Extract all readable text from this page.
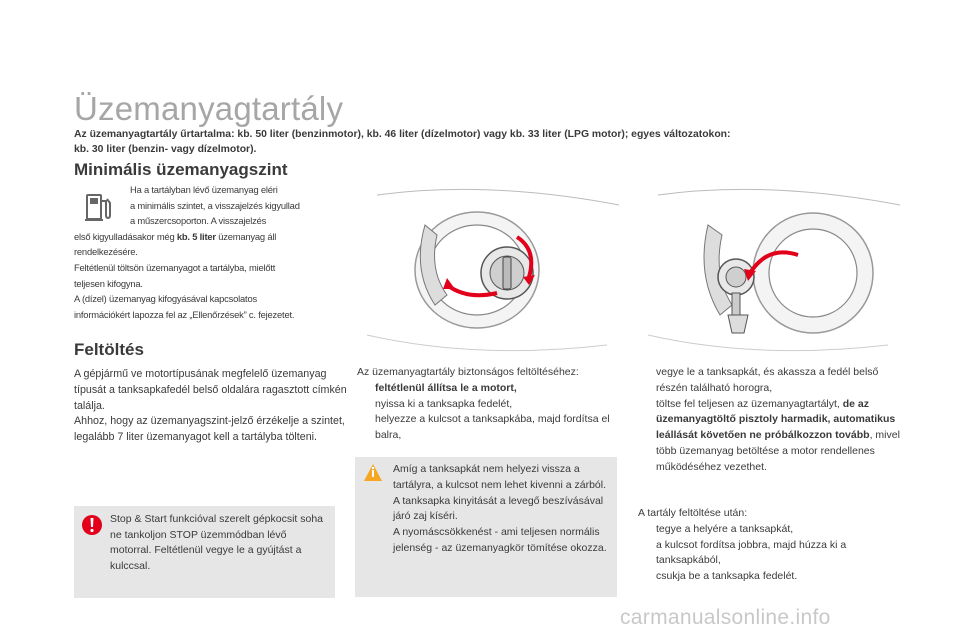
Üzemanyagtartály
Az üzemanyagtartály űrtartalma: kb. 50 liter (benzinmotor), kb. 46 liter (dízelmotor) vagy kb. 33 liter (LPG motor); egyes változatokon:
kb. 30 liter (benzin- vagy dízelmotor).
Minimális üzemanyagszint
Ha a tartályban lévő üzemanyag eléri
a minimális szintet, a visszajelzés kigyullad
a műszercsoporton. A visszajelzés
első kigyulladásakor még kb. 5 liter üzemanyag áll
rendelkezésére.
Feltétlenül töltsön üzemanyagot a tartályba, mielőtt
teljesen kifogyna.
A (dízel) üzemanyag kifogyásával kapcsolatos
információkért lapozza fel az „Ellenőrzések” c. fejezetet.
Feltöltés
A gépjármű ve motortípusának megfelelő üzemanyag típusát a tanksapkafedél belső oldalára ragasztott címkén találja.
Ahhoz, hogy az üzemanyagszint-jelző érzékelje a szintet, legalább 7 liter üzemanyagot kell a tartályba tölteni.
Stop & Start funkcióval szerelt gépkocsit soha ne tankoljon STOP üzemmódban lévő motorral. Feltétlenül vegye le a gyújtást a kulccsal.
Az üzemanyagtartály biztonságos feltöltéséhez:
feltétlenül állítsa le a motort,
nyissa ki a tanksapka fedelét,
helyezze a kulcsot a tanksapkába, majd fordítsa el balra,
Amíg a tanksapkát nem helyezi vissza a tartályra, a kulcsot nem lehet kivenni a zárból.
A tanksapka kinyitását a levegő beszívásával járó zaj kíséri.
A nyomáscsökkenést - ami teljesen normális jelenség - az üzemanyagkör tömítése okozza.
vegye le a tanksapkát, és akassza a fedél belső részén található horogra,
töltse fel teljesen az üzemanyagtartályt, de az üzemanyagtöltő pisztoly harmadik, automatikus leállását követően ne próbálkozzon tovább, mivel több üzemanyag betöltése a motor rendellenes működéséhez vezethet.
A tartály feltöltése után:
tegye a helyére a tanksapkát,
a kulcsot fordítsa jobbra, majd húzza ki a tanksapkából,
csukja be a tanksapka fedelét.
carmanualsonline.info
